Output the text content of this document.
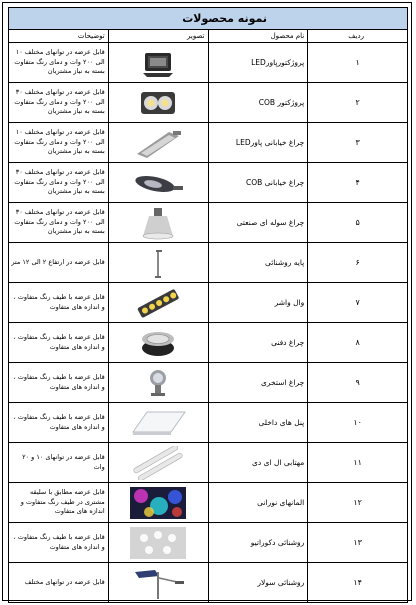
نمونه محصولات			
ردیف	نام محصول	تصویر	توضیحات
۱	پروژکتورپاورLED		قابل عرضه در توانهای مختلف ۱۰ الی ۲۰۰ وات و دمای رنگ متفاوت بسته به نیاز مشتریان
۲	پروژکتور COB		قابل عرضه در توانهای مختلف ۳۰ الی ۲۰۰ وات و دمای رنگ متفاوت بسته به نیاز مشتریان
۳	چراغ خیابانی پاورLED		قابل عرضه در توانهای مختلف ۱۰ الی ۲۰۰ وات و دمای رنگ متفاوت بسته به نیاز مشتریان
۴	چراغ خیابانی COB		قابل عرضه در توانهای مختلف ۳۰ الی ۲۰۰ وات و دمای رنگ متفاوت بسته به نیاز مشتریان
۵	چراغ سوله ای صنعتی		قابل عرضه در توانهای مختلف ۳۰ الی ۲۰۰ وات و دمای رنگ متفاوت بسته به نیاز مشتریان
۶	پایه روشنائی		قابل عرضه در ارتفاع ۲ الی ۱۲ متر
۷	وال واشر		قابل عرضه با طیف رنگ متفاوت ، و اندازه های متفاوت
۸	چراغ دفنی		قابل عرضه با طیف رنگ متفاوت ، و اندازه های متفاوت
۹	چراغ استخری		قابل عرضه با طیف رنگ متفاوت ، و اندازه های متفاوت
۱۰	پنل های داخلی		قابل عرضه با طیف رنگ متفاوت ، و اندازه های متفاوت
۱۱	مهتابی ال ای دی		قابل عرضه در توانهای ۱۰ و ۲۰ وات
۱۲	المانهای نورانی		قابل عرضه مطابق با سلیقه مشتری در طیف رنگ متفاوت و اندازه های متفاوت
۱۳	روشنائی دکوراتیو		قابل عرضه با طیف رنگ متفاوت ، و اندازه های متفاوت
۱۴	روشنائی سولار		قابل عرضه در توانهای مختلف
